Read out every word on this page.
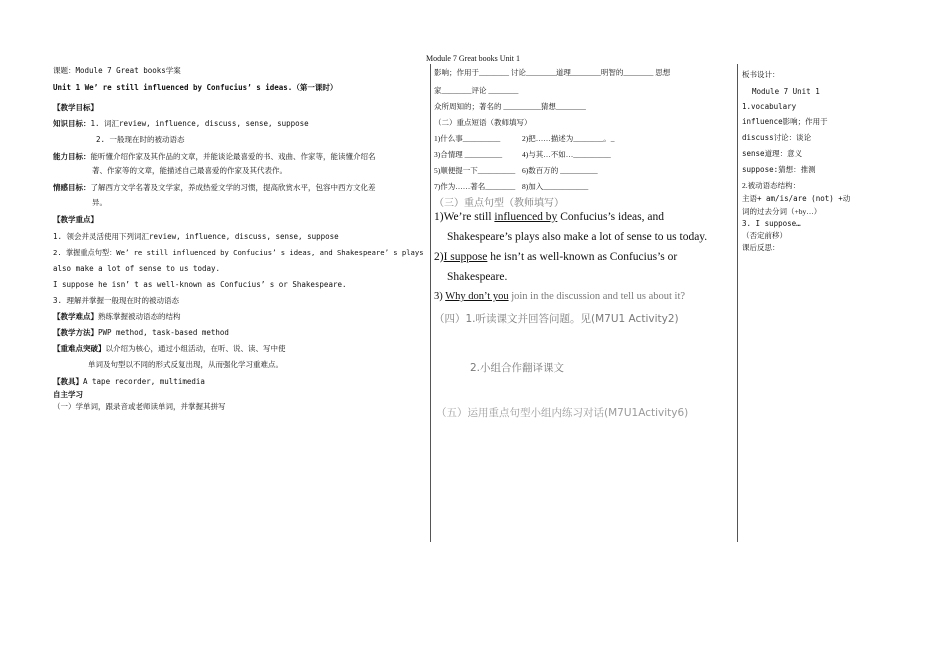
Module 7 Great books Unit 1
课题：Module 7 Great books学案
Unit 1 We’ re still influenced by Confucius’ s ideas.（第一课时）
【教学目标】
知识目标：1. 词汇review, influence, discuss, sense, suppose
2. 一般现在时的被动语态
能力目标：能听懂介绍作家及其作品的文章，并能谈论最喜爱的书、戏曲、作家等，能读懂介绍名
著、作家等的文章，能描述自己最喜爱的作家及其代表作。
情感目标：了解西方文学名著及文学家，养成热爱文学的习惯，提高欣赏水平，包容中西方文化差
异。
【教学重点】
1. 领会并灵活使用下列词汇review, influence, discuss, sense, suppose
2. 掌握重点句型：We’ re still influenced by Confucius’ s ideas, and Shakespeare’ s plays
also make a lot of sense to us today.
I suppose he isn’ t as well-known as Confucius’ s or Shakespeare.
3. 理解并掌握一般现在时的被动语态
【教学难点】熟练掌握被动语态的结构
【教学方法】PWP method, task-based method
【重难点突破】以介绍为核心，通过小组活动，在听、说、读、写中使
单词及句型以不同的形式反复出现，从而强化学习重难点。
【教具】A tape recorder, multimedia
自主学习
（一）学单词，跟录音或老师读单词，并掌握其拼写
影响；作用于________ 讨论________道理________明智的________ 思想
家________评论 ________
众所周知的；著名的 __________猜想________
（二）重点短语（教师填写）
1)什么事__________	2)把……描述为________。_
3)合情理 __________	4)与其…不如…__________
5)顺便提一下__________ 6)数百万的 __________
7)作为……著名________ 8)加入____________
（三）重点句型（教师填写）
1)We’re still influenced by Confucius’s ideas, and
Shakespeare’s plays also make a lot of sense to us today.
2)I suppose he isn’t as well-known as Confucius’s or
Shakespeare.
3) Why don’t you join in the discussion and tell us about it?
（四）1.听读课文并回答问题。见(M7U1 Activity2)
2.小组合作翻译课文
（五）运用重点句型小组内练习对话(M7U1Activity6)
板书设计：
Module 7 Unit 1
1.vocabulary
influence影响；作用于
discuss讨论：谈论
sense道理：意义
suppose:猜想：推测
2.被动语态结构：
主语+ am/is/are (not) +动
词的过去分词（+by…）
3. I suppose…
（否定前移）
课后反思：
